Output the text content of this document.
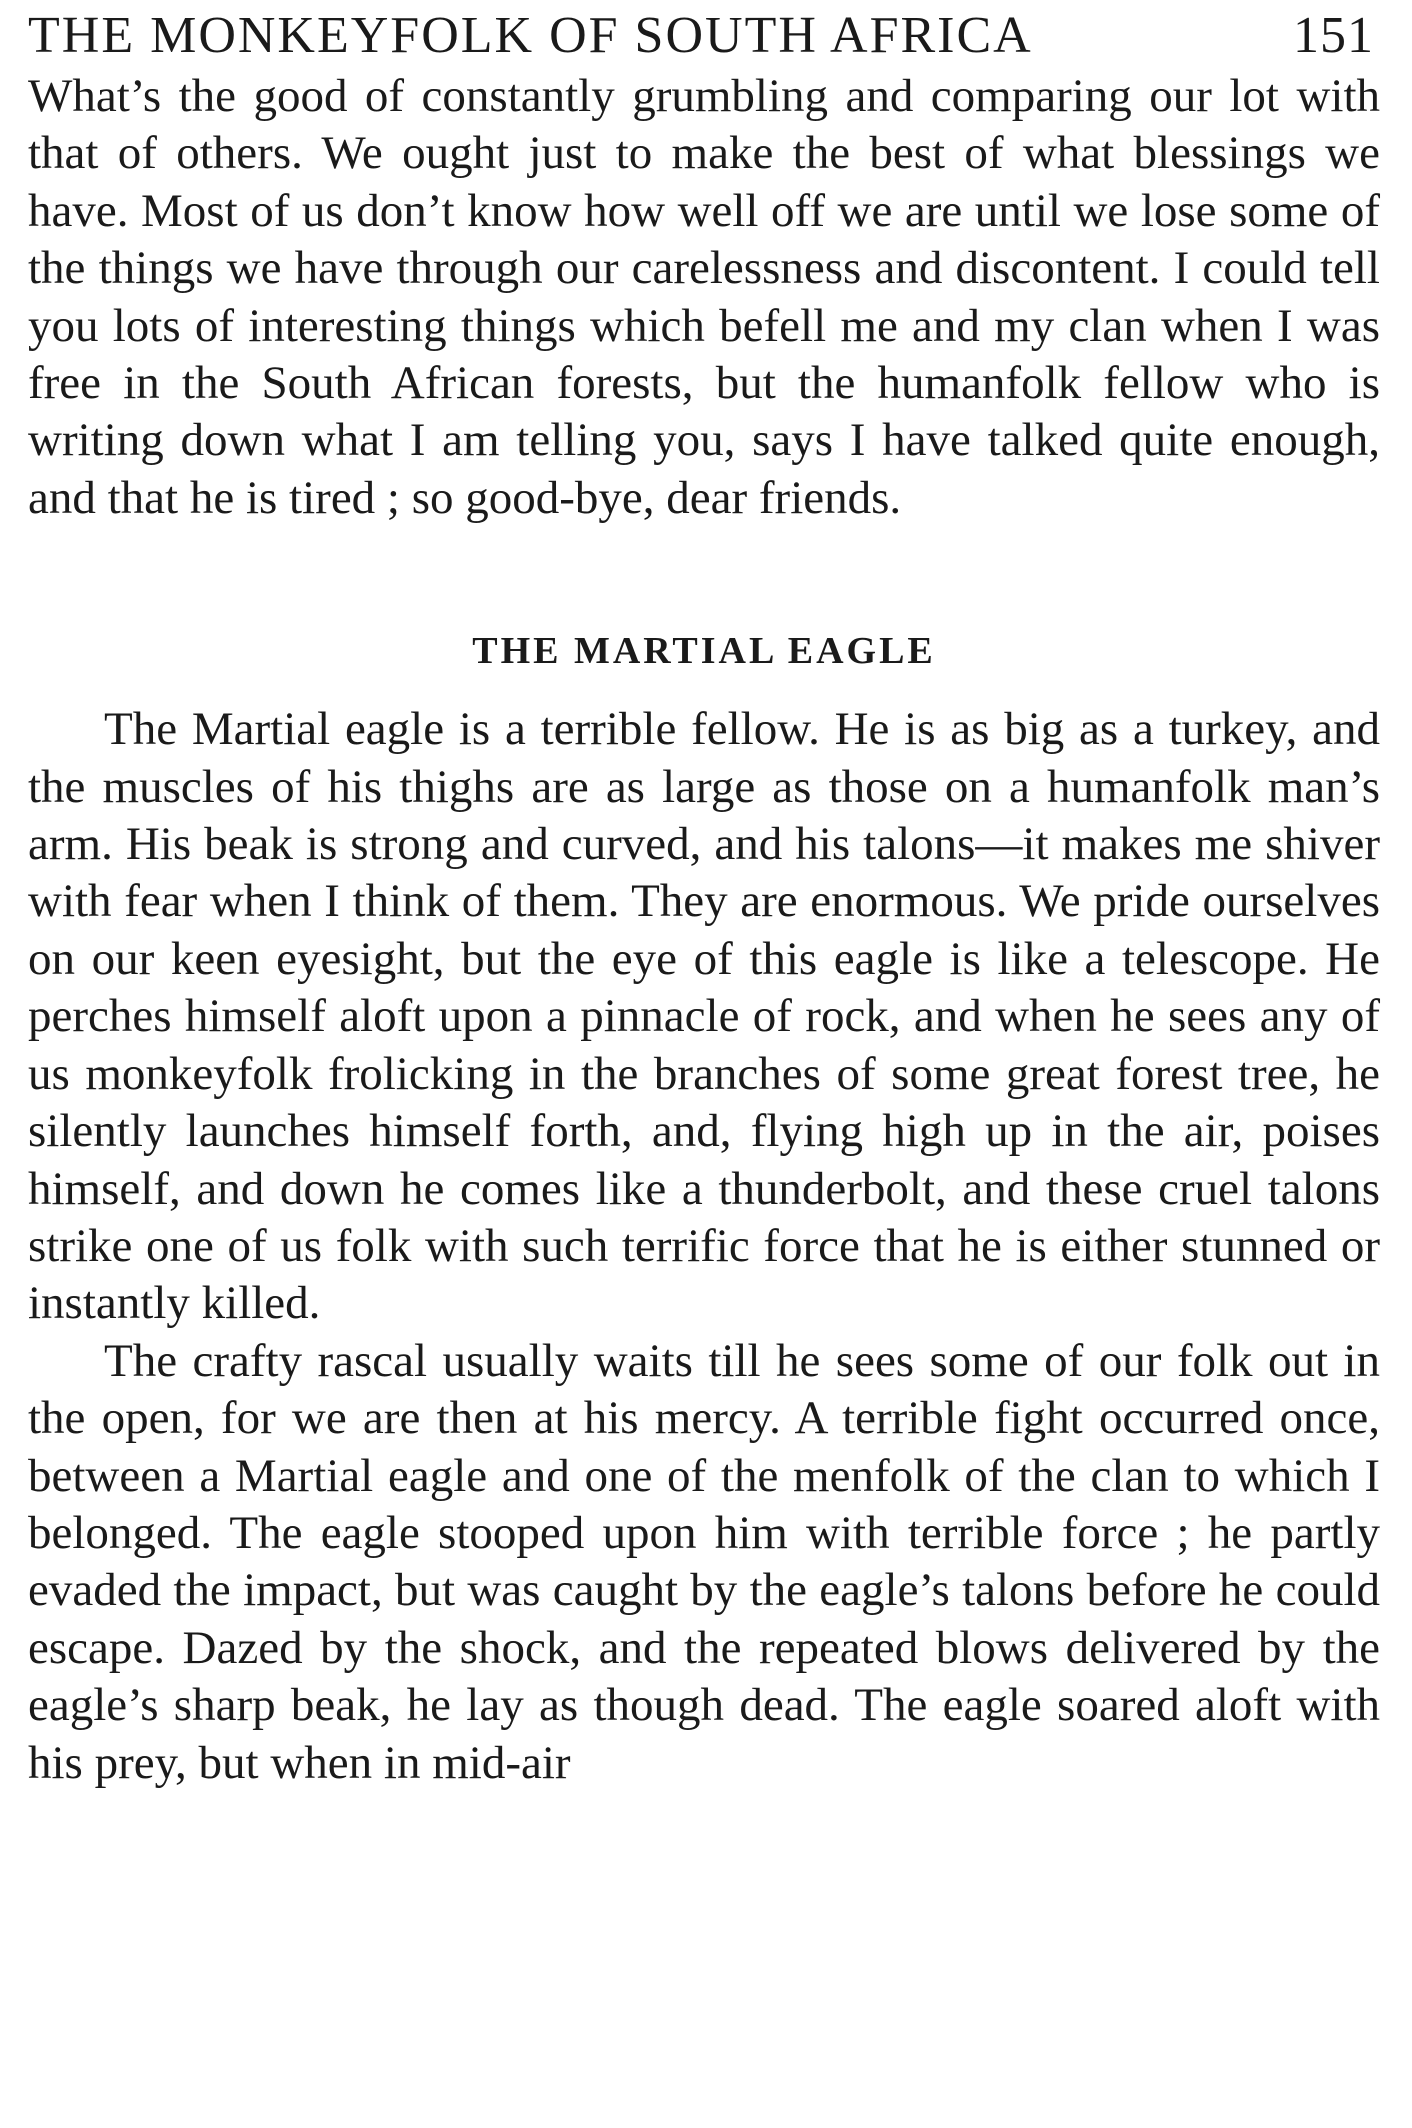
THE MONKEYFOLK OF SOUTH AFRICA	151

What’s the good of constantly grumbling and comparing our lot with that of others. We ought just to make the best of what blessings we have. Most of us don’t know how well off we are until we lose some of the things we have through our carelessness and discontent. I could tell you lots of interesting things which befell me and my clan when I was free in the South African forests, but the humanfolk fellow who is writing down what I am telling you, says I have talked quite enough, and that he is tired ; so good-bye, dear friends.

THE MARTIAL EAGLE

The Martial eagle is a terrible fellow. He is as big as a turkey, and the muscles of his thighs are as large as those on a humanfolk man’s arm. His beak is strong and curved, and his talons—it makes me shiver with fear when I think of them. They are enormous. We pride ourselves on our keen eyesight, but the eye of this eagle is like a telescope. He perches himself aloft upon a pinnacle of rock, and when he sees any of us monkeyfolk frolicking in the branches of some great forest tree, he silently launches himself forth, and, flying high up in the air, poises himself, and down he comes like a thunderbolt, and these cruel talons strike one of us folk with such terrific force that he is either stunned or instantly killed.

The crafty rascal usually waits till he sees some of our folk out in the open, for we are then at his mercy. A terrible fight occurred once, between a Martial eagle and one of the menfolk of the clan to which I belonged. The eagle stooped upon him with terrible force ; he partly evaded the impact, but was caught by the eagle’s talons before he could escape. Dazed by the shock, and the repeated blows delivered by the eagle’s sharp beak, he lay as though dead. The eagle soared aloft with his prey, but when in mid-air
